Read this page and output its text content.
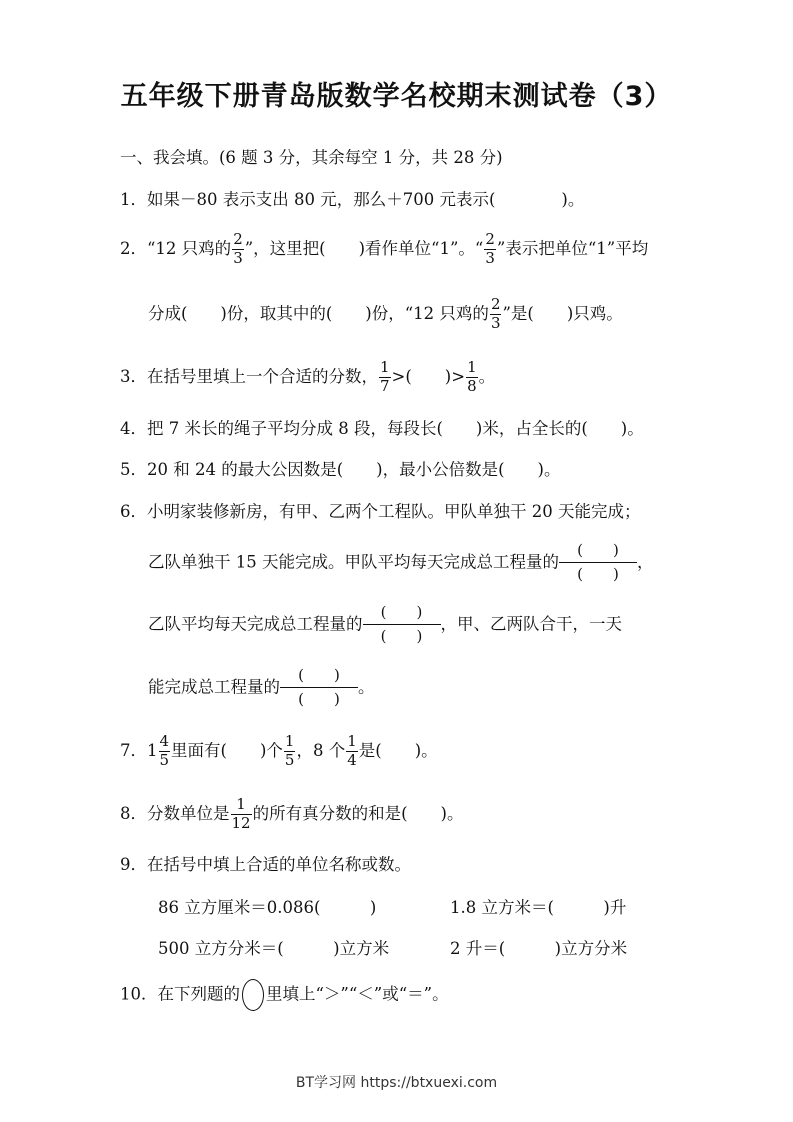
五年级下册青岛版数学名校期末测试卷（3）
一、我会填。(6 题 3 分，其余每空 1 分，共 28 分)
1．如果－80 表示支出 80 元，那么＋700 元表示(　　　　)。
2．“12 只鸡的 $\frac{2}{3}$ ”，这里把(　　)看作单位“1”。“ $\frac{2}{3}$ ”表示把单位“1”平均
分成(　　)份，取其中的(　　)份，“12 只鸡的 $\frac{2}{3}$ ”是(　　)只鸡。
3．在括号里填上一个合适的分数， $\frac{1}{7}$ >(　　)> $\frac{1}{8}$ 。
4．把 7 米长的绳子平均分成 8 段，每段长(　　)米，占全长的(　　)。
5．20 和 24 的最大公因数是(　　)，最小公倍数是(　　)。
6．小明家装修新房，有甲、乙两个工程队。甲队单独干 20 天能完成；
乙队单独干 15 天能完成。甲队平均每天完成总工程量的 $\frac{( )}{( )}$ ，
乙队平均每天完成总工程量的 $\frac{( )}{( )}$ ，甲、乙两队合干，一天
能完成总工程量的 $\frac{( )}{( )}$ 。
7．$1 \frac{4}{5}$ 里面有(　　)个 $\frac{1}{5}$ ，8 个 $\frac{1}{4}$ 是(　　)。
8．分数单位是 $\frac{1}{12}$ 的所有真分数的和是(　　)。
9．在括号中填上合适的单位名称或数。
86 立方厘米＝0.086(　　　)	1.8 立方米＝(　　　)升
500 立方分米＝(　　　)立方米	2 升＝(　　　)立方分米
10．在下列题的 里填上“＞”“＜”或“＝”。
BT学习网 https://btxuexi.com
